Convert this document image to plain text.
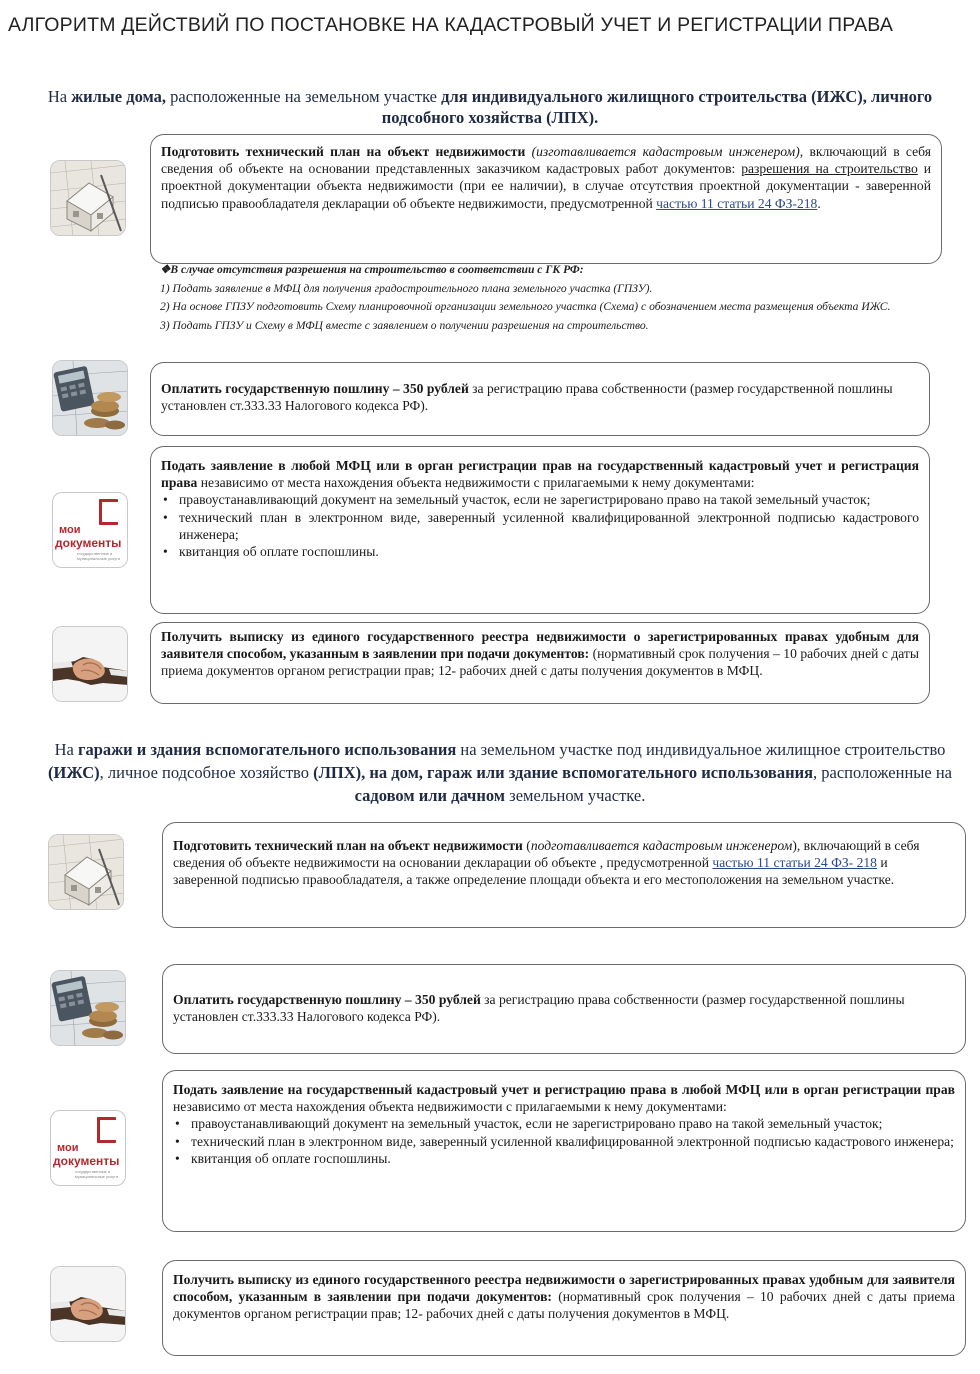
АЛГОРИТМ ДЕЙСТВИЙ ПО ПОСТАНОВКЕ НА КАДАСТРОВЫЙ УЧЕТ И РЕГИСТРАЦИИ ПРАВА
На жилые дома, расположенные на земельном участке для индивидуального жилищного строительства (ИЖС), личного подсобного хозяйства (ЛПХ).
Подготовить технический план на объект недвижимости (изготавливается кадастровым инженером), включающий в себя сведения об объекте на основании представленных заказчиком кадастровых работ документов: разрешения на строительство и проектной документации объекта недвижимости (при ее наличии), в случае отсутствия проектной документации - заверенной подписью правообладателя декларации об объекте недвижимости, предусмотренной частью 11 статьи 24 ФЗ-218.

❖В случае отсутствия разрешения на строительство в соответствии с ГК РФ:

1) Подать заявление в МФЦ для получения градостроительного плана земельного участка (ГПЗУ).

2) На основе ГПЗУ подготовить Схему планировочной организации земельного участка (Схема) с обозначением места размещения объекта ИЖС.

3) Подать ГПЗУ и Схему в МФЦ вместе с заявлением о получении разрешения на строительство.

Оплатить государственную пошлину – 350 рублей за регистрацию права собственности (размер государственной пошлины установлен ст.333.33 Налогового кодекса РФ).
мои
документы
государственные и муниципальные услуги
Подать заявление в любой МФЦ или в орган регистрации прав на государственный кадастровый учет и регистрация права независимо от места нахождения объекта недвижимости с прилагаемыми к нему документами:
• правоустанавливающий документ на земельный участок, если не зарегистрировано право на такой земельный участок;
• технический план в электронном виде, заверенный усиленной квалифицированной электронной подписью кадастрового инженера;
• квитанция об оплате госпошлины.
Получить выписку из единого государственного реестра недвижимости о зарегистрированных правах удобным для заявителя способом, указанным в заявлении при подачи документов: (нормативный срок получения – 10 рабочих дней с даты приема документов органом регистрации прав; 12- рабочих дней с даты получения документов в МФЦ.
На гаражи и здания вспомогательного использования на земельном участке под индивидуальное жилищное строительство (ИЖС), личное подсобное хозяйство (ЛПХ), на дом, гараж или здание вспомогательного использования, расположенные на садовом или дачном земельном участке.
Подготовить технический план на объект недвижимости (подготавливается кадастровым инженером), включающий в себя сведения об объекте недвижимости на основании декларации об объекте , предусмотренной частью 11 статьи 24 ФЗ- 218 и заверенной подписью правообладателя, а также определение площади объекта и его местоположения на земельном участке.
Оплатить государственную пошлину – 350 рублей за регистрацию права собственности (размер государственной пошлины установлен ст.333.33 Налогового кодекса РФ).
мои
документы
государственные и муниципальные услуги
Подать заявление на государственный кадастровый учет и регистрацию права в любой МФЦ или в орган регистрации прав независимо от места нахождения объекта недвижимости с прилагаемыми к нему документами:
• правоустанавливающий документ на земельный участок, если не зарегистрировано право на такой земельный участок;
• технический план в электронном виде, заверенный усиленной квалифицированной электронной подписью кадастрового инженера;
• квитанция об оплате госпошлины.
Получить выписку из единого государственного реестра недвижимости о зарегистрированных правах удобным для заявителя способом, указанным в заявлении при подачи документов: (нормативный срок получения – 10 рабочих дней с даты приема документов органом регистрации прав; 12- рабочих дней с даты получения документов в МФЦ.
